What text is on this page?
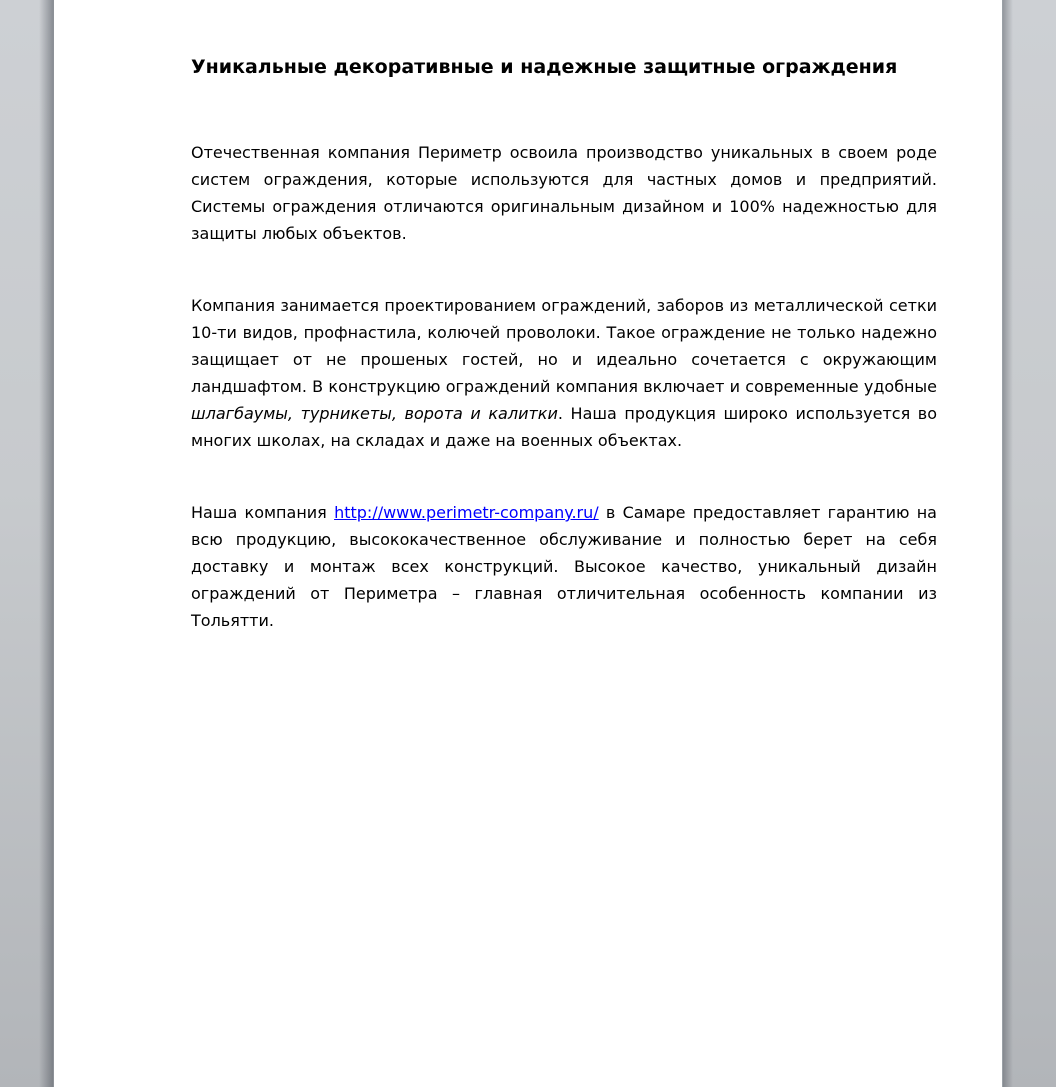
Уникальные декоративные и надежные защитные ограждения

Отечественная компания Периметр освоила производство уникальных в своем роде систем ограждения, которые используются для частных домов и предприятий. Системы ограждения отличаются оригинальным дизайном и 100% надежностью для защиты любых объектов.

Компания занимается проектированием ограждений, заборов из металлической сетки 10-ти видов, профнастила, колючей проволоки. Такое ограждение не только надежно защищает от не прошеных гостей, но и идеально сочетается с окружающим ландшафтом. В конструкцию ограждений компания включает и современные удобные шлагбаумы, турникеты, ворота и калитки. Наша продукция широко используется во многих школах, на складах и даже на военных объектах.

Наша компания http://www.perimetr-company.ru/ в Самаре предоставляет гарантию на всю продукцию, высококачественное обслуживание и полностью берет на себя доставку и монтаж всех конструкций. Высокое качество, уникальный дизайн ограждений от Периметра – главная отличительная особенность компании из Тольятти.
